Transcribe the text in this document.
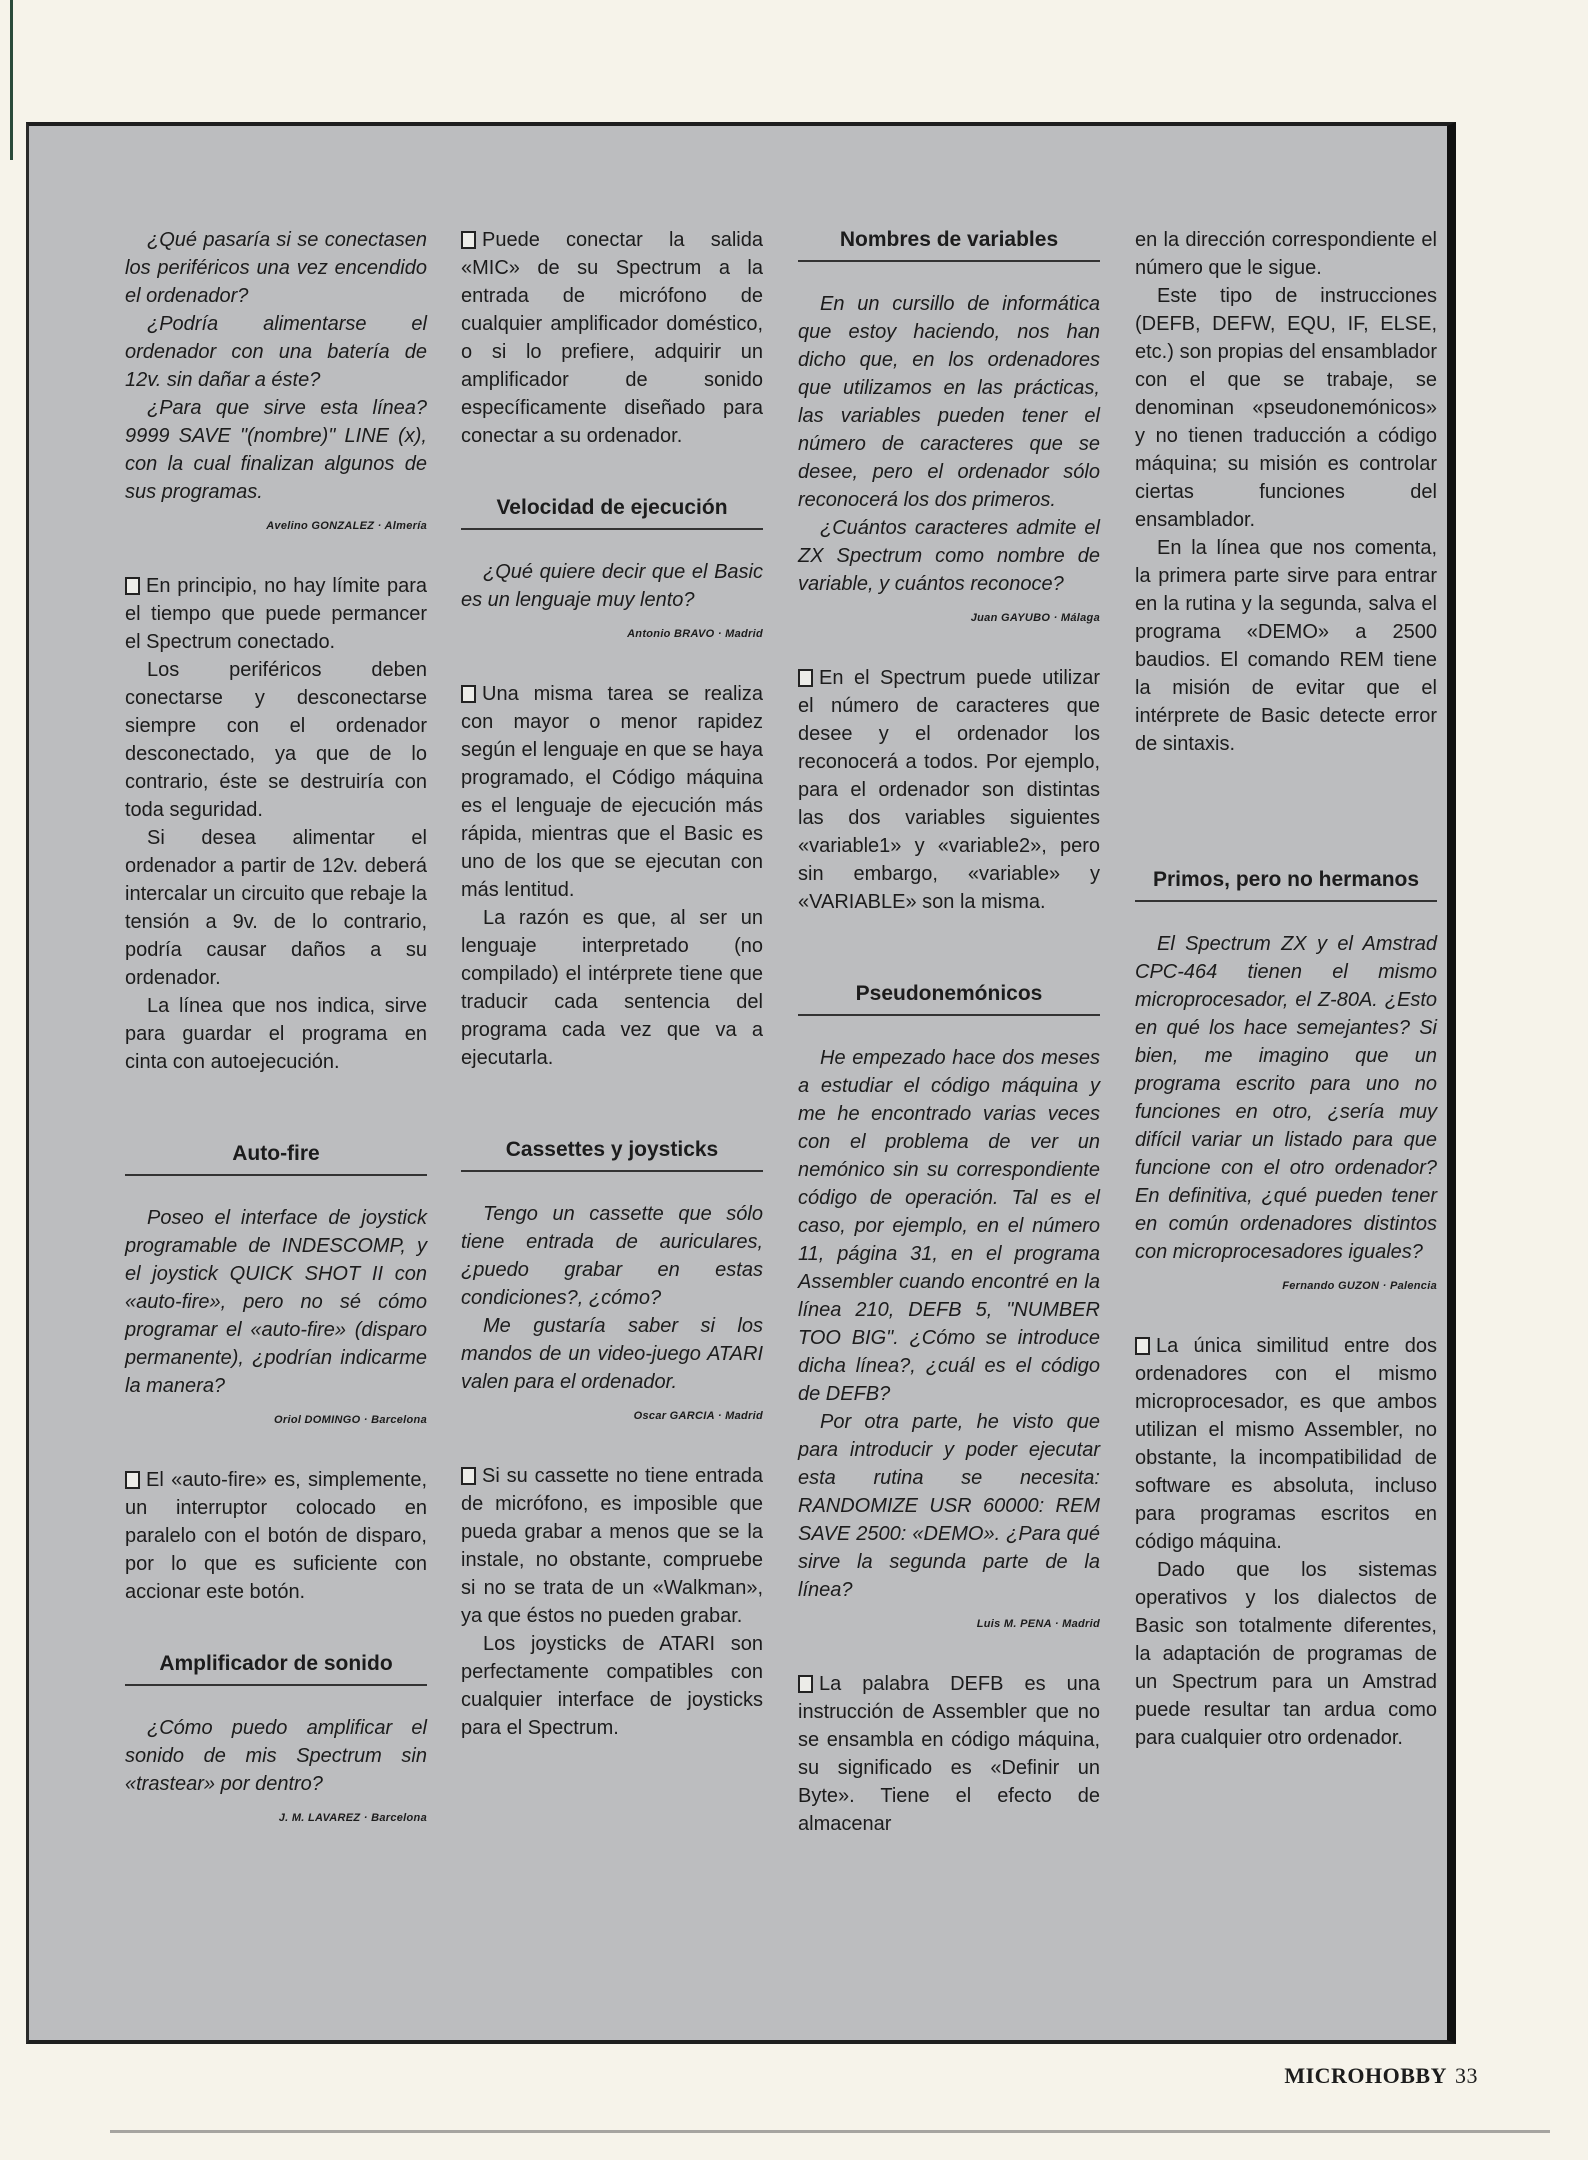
¿Qué pasaría si se conectasen los periféricos una vez encendido el ordenador?

¿Podría alimentarse el ordenador con una batería de 12v. sin dañar a éste?

¿Para que sirve esta línea? 9999 SAVE "(nombre)" LINE (x), con la cual finalizan algunos de sus programas.

Avelino GONZALEZ · Almería

En principio, no hay límite para el tiempo que puede permancer el Spectrum conectado.

Los periféricos deben conectarse y desconectarse siempre con el ordenador desconectado, ya que de lo contrario, éste se destruiría con toda seguridad.

Si desea alimentar el ordenador a partir de 12v. deberá intercalar un circuito que rebaje la tensión a 9v. de lo contrario, podría causar daños a su ordenador.

La línea que nos indica, sirve para guardar el programa en cinta con autoejecución.

Auto-fire

Poseo el interface de joystick programable de INDESCOMP, y el joystick QUICK SHOT II con «auto-fire», pero no sé cómo programar el «auto-fire» (disparo permanente), ¿podrían indicarme la manera?

Oriol DOMINGO · Barcelona

El «auto-fire» es, simplemente, un interruptor colocado en paralelo con el botón de disparo, por lo que es suficiente con accionar este botón.

Amplificador de sonido

¿Cómo puedo amplificar el sonido de mis Spectrum sin «trastear» por dentro?

J. M. LAVAREZ · Barcelona

Puede conectar la salida «MIC» de su Spectrum a la entrada de micrófono de cualquier amplificador doméstico, o si lo prefiere, adquirir un amplificador de sonido específicamente diseñado para conectar a su ordenador.

Velocidad de ejecución

¿Qué quiere decir que el Basic es un lenguaje muy lento?

Antonio BRAVO · Madrid

Una misma tarea se realiza con mayor o menor rapidez según el lenguaje en que se haya programado, el Código máquina es el lenguaje de ejecución más rápida, mientras que el Basic es uno de los que se ejecutan con más lentitud.

La razón es que, al ser un lenguaje interpretado (no compilado) el intérprete tiene que traducir cada sentencia del programa cada vez que va a ejecutarla.

Cassettes y joysticks

Tengo un cassette que sólo tiene entrada de auriculares, ¿puedo grabar en estas condiciones?, ¿cómo?

Me gustaría saber si los mandos de un video-juego ATARI valen para el ordenador.

Oscar GARCIA · Madrid

Si su cassette no tiene entrada de micrófono, es imposible que pueda grabar a menos que se la instale, no obstante, compruebe si no se trata de un «Walkman», ya que éstos no pueden grabar.

Los joysticks de ATARI son perfectamente compatibles con cualquier interface de joysticks para el Spectrum.

Nombres de variables

En un cursillo de informática que estoy haciendo, nos han dicho que, en los ordenadores que utilizamos en las prácticas, las variables pueden tener el número de caracteres que se desee, pero el ordenador sólo reconocerá los dos primeros.

¿Cuántos caracteres admite el ZX Spectrum como nombre de variable, y cuántos reconoce?

Juan GAYUBO · Málaga

En el Spectrum puede utilizar el número de caracteres que desee y el ordenador los reconocerá a todos. Por ejemplo, para el ordenador son distintas las dos variables siguientes «variable1» y «variable2», pero sin embargo, «variable» y «VARIABLE» son la misma.

Pseudonemónicos

He empezado hace dos meses a estudiar el código máquina y me he encontrado varias veces con el problema de ver un nemónico sin su correspondiente código de operación. Tal es el caso, por ejemplo, en el número 11, página 31, en el programa Assembler cuando encontré en la línea 210, DEFB 5, "NUMBER TOO BIG". ¿Cómo se introduce dicha línea?, ¿cuál es el código de DEFB?

Por otra parte, he visto que para introducir y poder ejecutar esta rutina se necesita: RANDOMIZE USR 60000: REM SAVE 2500: «DEMO». ¿Para qué sirve la segunda parte de la línea?

Luis M. PENA · Madrid

La palabra DEFB es una instrucción de Assembler que no se ensambla en código máquina, su significado es «Definir un Byte». Tiene el efecto de almacenar

en la dirección correspondiente el número que le sigue.

Este tipo de instrucciones (DEFB, DEFW, EQU, IF, ELSE, etc.) son propias del ensamblador con el que se trabaje, se denominan «pseudonemónicos» y no tienen traducción a código máquina; su misión es controlar ciertas funciones del ensamblador.

En la línea que nos comenta, la primera parte sirve para entrar en la rutina y la segunda, salva el programa «DEMO» a 2500 baudios. El comando REM tiene la misión de evitar que el intérprete de Basic detecte error de sintaxis.

Primos, pero no hermanos

El Spectrum ZX y el Amstrad CPC-464 tienen el mismo microprocesador, el Z-80A. ¿Esto en qué los hace semejantes? Si bien, me imagino que un programa escrito para uno no funciones en otro, ¿sería muy difícil variar un listado para que funcione con el otro ordenador? En definitiva, ¿qué pueden tener en común ordenadores distintos con microprocesadores iguales?

Fernando GUZON · Palencia

La única similitud entre dos ordenadores con el mismo microprocesador, es que ambos utilizan el mismo Assembler, no obstante, la incompatibilidad de software es absoluta, incluso para programas escritos en código máquina.

Dado que los sistemas operativos y los dialectos de Basic son totalmente diferentes, la adaptación de programas de un Spectrum para un Amstrad puede resultar tan ardua como para cualquier otro ordenador.

MICROHOBBY 33
